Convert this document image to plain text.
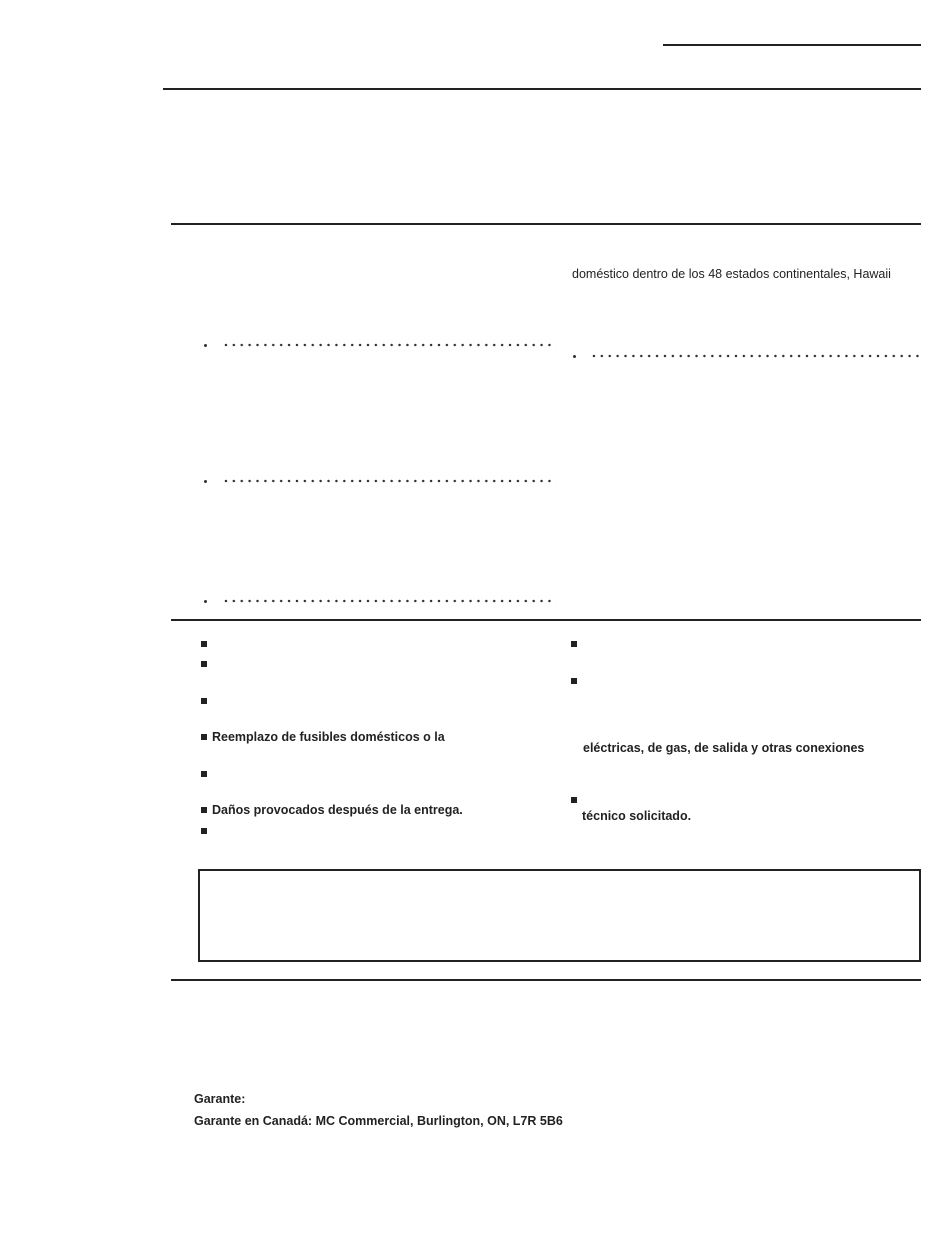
doméstico dentro de los 48 estados continentales, Hawaii
Reemplazo de fusibles domésticos o la
Daños provocados después de la entrega.
eléctricas, de gas, de salida y otras conexiones
técnico solicitado.
Garante:
Garante en Canadá: MC Commercial, Burlington, ON, L7R 5B6
